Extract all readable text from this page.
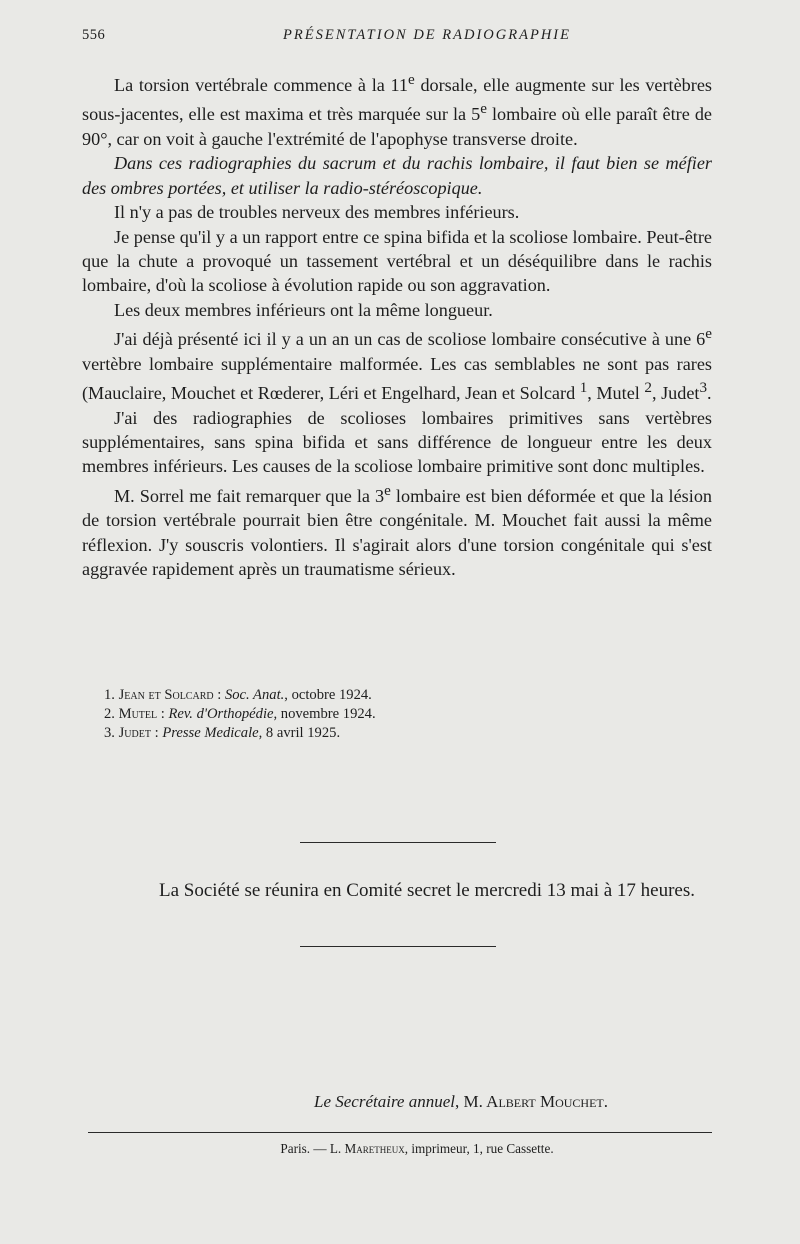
556	PRÉSENTATION DE RADIOGRAPHIE

La torsion vertébrale commence à la 11e dorsale, elle augmente sur les vertèbres sous-jacentes, elle est maxima et très marquée sur la 5e lombaire où elle paraît être de 90°, car on voit à gauche l'extrémité de l'apophyse transverse droite.

Dans ces radiographies du sacrum et du rachis lombaire, il faut bien se méfier des ombres portées, et utiliser la radio-stéréoscopique.

Il n'y a pas de troubles nerveux des membres inférieurs.

Je pense qu'il y a un rapport entre ce spina bifida et la scoliose lombaire. Peut-être que la chute a provoqué un tassement vertébral et un déséquilibre dans le rachis lombaire, d'où la scoliose à évolution rapide ou son aggravation.

Les deux membres inférieurs ont la même longueur.

J'ai déjà présenté ici il y a un an un cas de scoliose lombaire consécutive à une 6e vertèbre lombaire supplémentaire malformée. Les cas semblables ne sont pas rares (Mauclaire, Mouchet et Rœderer, Léri et Engelhard, Jean et Solcard $^1$, Mutel $^2$, Judet$^3$.

J'ai des radiographies de scolioses lombaires primitives sans vertèbres supplémentaires, sans spina bifida et sans différence de longueur entre les deux membres inférieurs. Les causes de la scoliose lombaire primitive sont donc multiples.

M. Sorrel me fait remarquer que la 3e lombaire est bien déformée et que la lésion de torsion vertébrale pourrait bien être congénitale. M. Mouchet fait aussi la même réflexion. J'y souscris volontiers. Il s'agirait alors d'une torsion congénitale qui s'est aggravée rapidement après un traumatisme sérieux.

1. Jean et Solcard : Soc. Anat., octobre 1924.
2. Mutel : Rev. d'Orthopédie, novembre 1924.
3. Judet : Presse Medicale, 8 avril 1925.
La Société se réunira en Comité secret le mercredi 13 mai à 17 heures.
Le Secrétaire annuel, M. Albert Mouchet.
Paris. — L. Maretheux, imprimeur, 1, rue Cassette.
